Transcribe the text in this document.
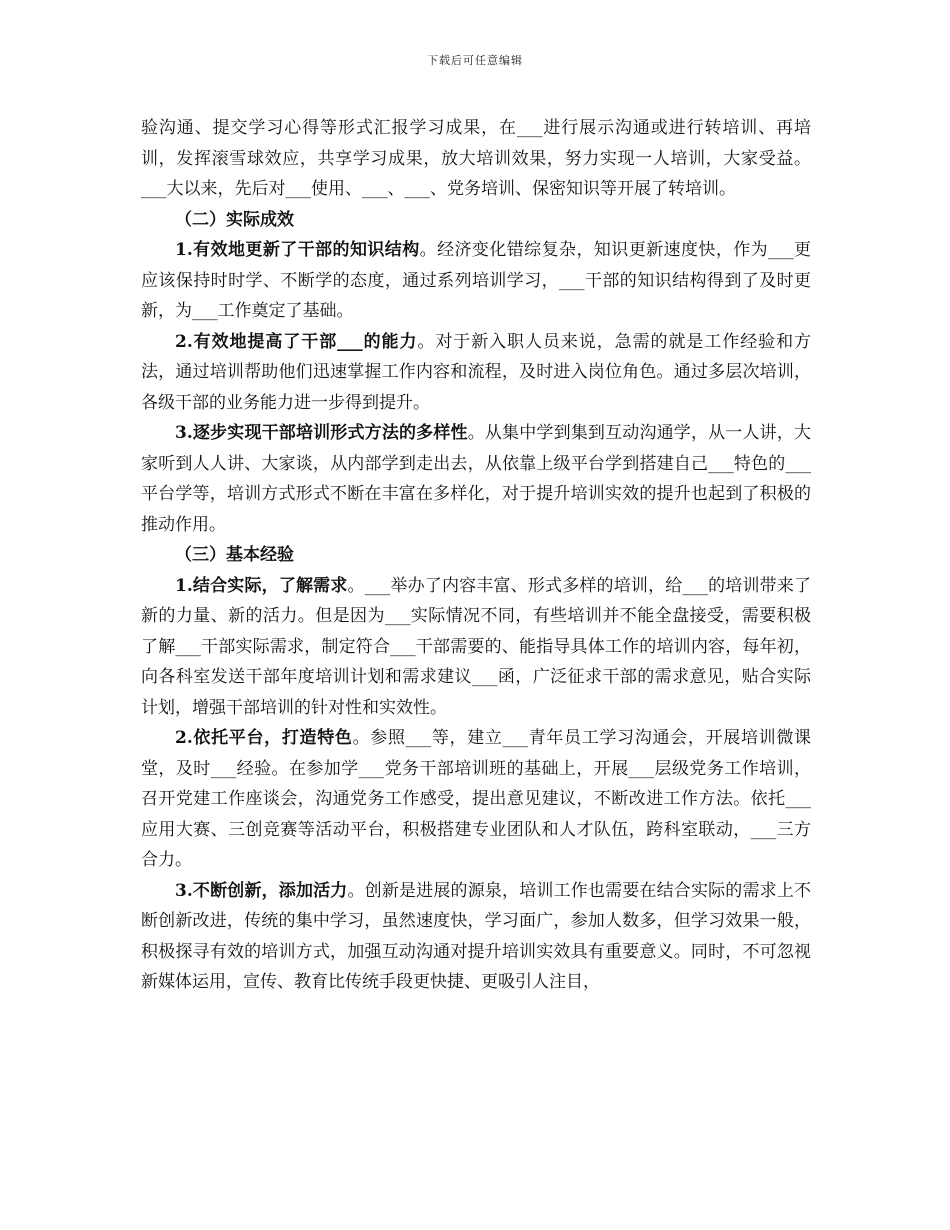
下载后可任意编辑

验沟通、提交学习心得等形式汇报学习成果，在___进行展示沟通或进行转培训、再培训，发挥滚雪球效应，共享学习成果，放大培训效果，努力实现一人培训，大家受益。___大以来，先后对___使用、___、___、党务培训、保密知识等开展了转培训。

（二）实际成效

1.有效地更新了干部的知识结构。经济变化错综复杂，知识更新速度快，作为___更应该保持时时学、不断学的态度，通过系列培训学习，___干部的知识结构得到了及时更新，为___工作奠定了基础。

2.有效地提高了干部___的能力。对于新入职人员来说，急需的就是工作经验和方法，通过培训帮助他们迅速掌握工作内容和流程，及时进入岗位角色。通过多层次培训，各级干部的业务能力进一步得到提升。

3.逐步实现干部培训形式方法的多样性。从集中学到集到互动沟通学，从一人讲，大家听到人人讲、大家谈，从内部学到走出去，从依靠上级平台学到搭建自己___特色的___平台学等，培训方式形式不断在丰富在多样化，对于提升培训实效的提升也起到了积极的推动作用。

（三）基本经验

1.结合实际，了解需求。___举办了内容丰富、形式多样的培训，给___的培训带来了新的力量、新的活力。但是因为___实际情况不同，有些培训并不能全盘接受，需要积极了解___干部实际需求，制定符合___干部需要的、能指导具体工作的培训内容，每年初，向各科室发送干部年度培训计划和需求建议___函，广泛征求干部的需求意见，贴合实际计划，增强干部培训的针对性和实效性。

2.依托平台，打造特色。参照___等，建立___青年员工学习沟通会，开展培训微课堂，及时___经验。在参加学___党务干部培训班的基础上，开展___层级党务工作培训，召开党建工作座谈会，沟通党务工作感受，提出意见建议，不断改进工作方法。依托___应用大赛、三创竞赛等活动平台，积极搭建专业团队和人才队伍，跨科室联动，___三方合力。

3.不断创新，添加活力。创新是进展的源泉，培训工作也需要在结合实际的需求上不断创新改进，传统的集中学习，虽然速度快，学习面广，参加人数多，但学习效果一般，积极探寻有效的培训方式，加强互动沟通对提升培训实效具有重要意义。同时，不可忽视新媒体运用，宣传、教育比传统手段更快捷、更吸引人注目，
